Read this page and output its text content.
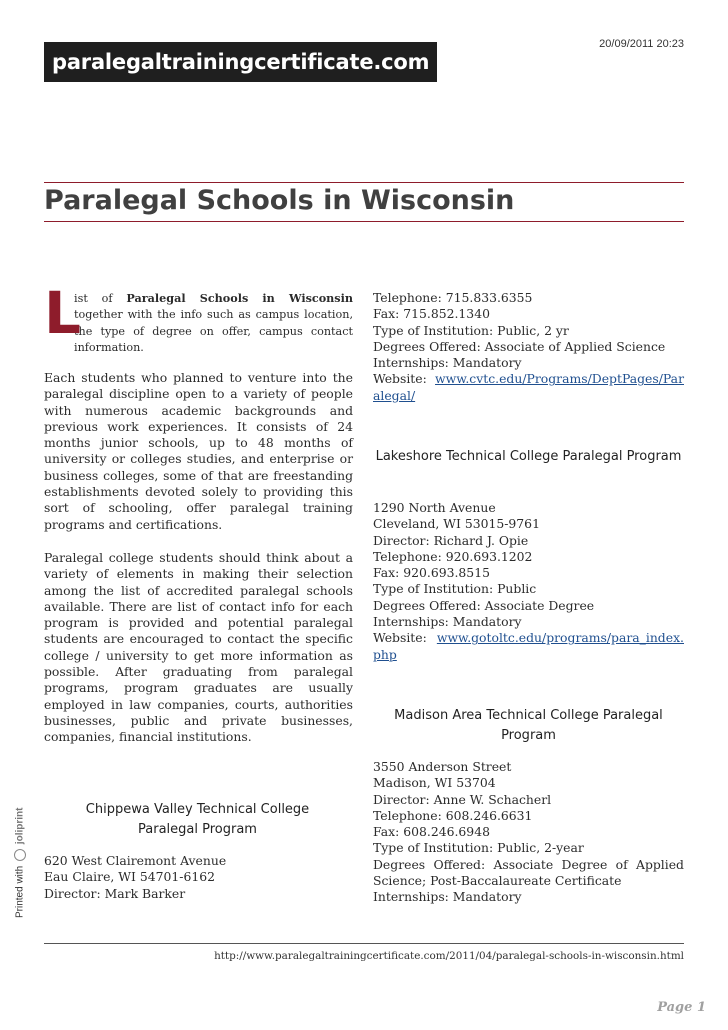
20/09/2011 20:23
paralegaltrainingcertificate.com
Paralegal Schools in Wisconsin
L

ist of Paralegal Schools in Wisconsin together with the info such as campus location, the type of degree on offer, campus contact information.

Each students who planned to venture into the paralegal discipline open to a variety of people with numerous academic backgrounds and previous work experiences. It consists of 24 months junior schools, up to 48 months of university or colleges studies, and enterprise or business colleges, some of that are freestanding establishments devoted solely to providing this sort of schooling, offer paralegal training programs and certifications.

Paralegal college students should think about a variety of elements in making their selection among the list of accredited paralegal schools available. There are list of contact info for each program is provided and potential paralegal students are encouraged to contact the specific college / university to get more information as possible. After graduating from paralegal programs, program graduates are usually employed in law companies, courts, authorities businesses, public and private businesses, companies, financial institutions.

Chippewa Valley Technical College Paralegal Program
620 West Clairemont Avenue
Eau Claire, WI 54701-6162
Director: Mark Barker
Telephone: 715.833.6355
Fax: 715.852.1340
Type of Institution: Public, 2 yr
Degrees Offered: Associate of Applied Science
Internships: Mandatory
Website: www.cvtc.edu/Programs/DeptPages/Paralegal/
Lakeshore Technical College Paralegal Program
1290 North Avenue
Cleveland, WI 53015-9761
Director: Richard J. Opie
Telephone: 920.693.1202
Fax: 920.693.8515
Type of Institution: Public
Degrees Offered: Associate Degree
Internships: Mandatory
Website: www.gotoltc.edu/programs/para_index.php
Madison Area Technical College Paralegal Program
3550 Anderson Street
Madison, WI 53704
Director: Anne W. Schacherl
Telephone: 608.246.6631
Fax: 608.246.6948
Type of Institution: Public, 2-year
Degrees Offered: Associate Degree of Applied Science; Post-Baccalaureate Certificate
Internships: Mandatory
Printed with  joliprint
http://www.paralegaltrainingcertificate.com/2011/04/paralegal-schools-in-wisconsin.html
Page 1
